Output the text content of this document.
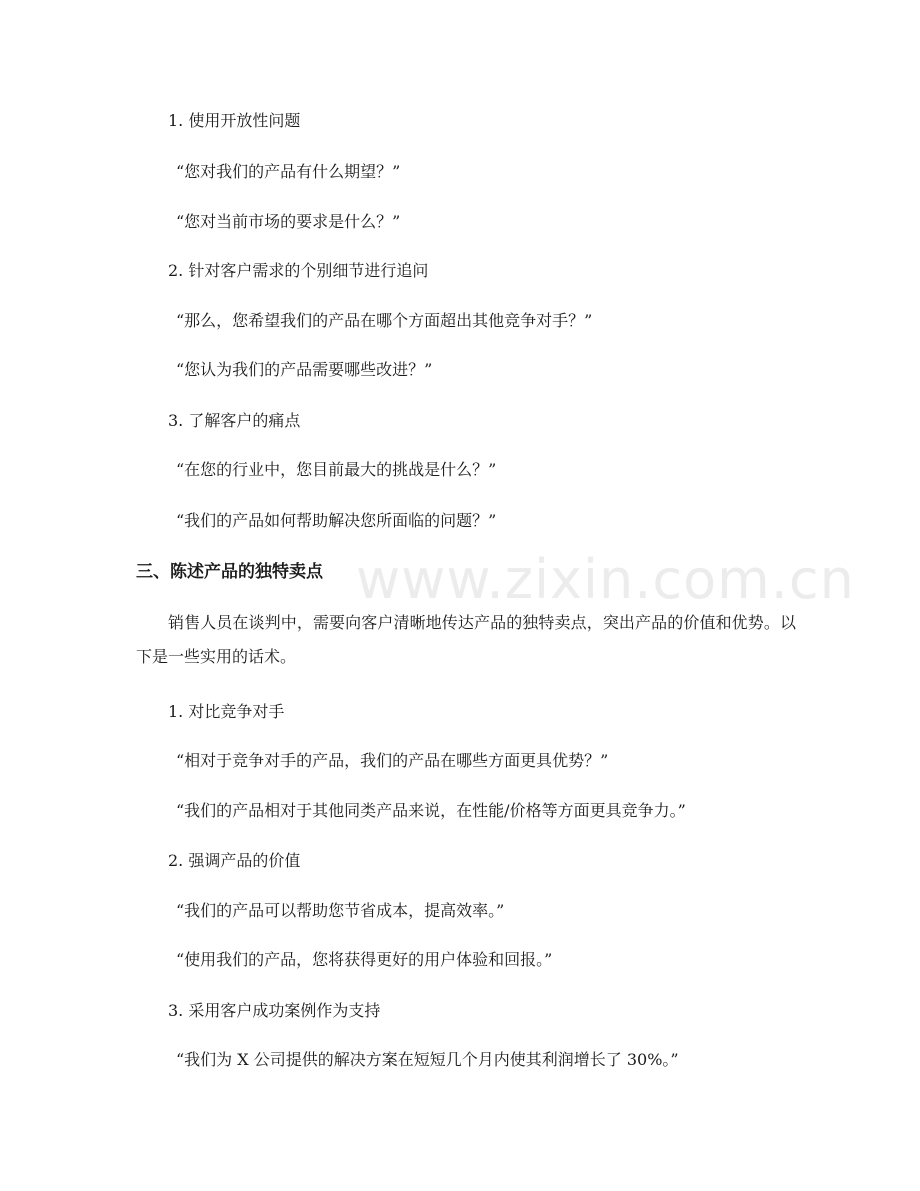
1. 使用开放性问题
“您对我们的产品有什么期望？”
“您对当前市场的要求是什么？”
2. 针对客户需求的个别细节进行追问
“那么，您希望我们的产品在哪个方面超出其他竞争对手？”
“您认为我们的产品需要哪些改进？”
3. 了解客户的痛点
“在您的行业中，您目前最大的挑战是什么？”
“我们的产品如何帮助解决您所面临的问题？”
三、陈述产品的独特卖点
销售人员在谈判中，需要向客户清晰地传达产品的独特卖点，突出产品的价值和优势。以下是一些实用的话术。
1. 对比竞争对手
“相对于竞争对手的产品，我们的产品在哪些方面更具优势？”
“我们的产品相对于其他同类产品来说，在性能/价格等方面更具竞争力。”
2. 强调产品的价值
“我们的产品可以帮助您节省成本，提高效率。”
“使用我们的产品，您将获得更好的用户体验和回报。”
3. 采用客户成功案例作为支持
“我们为 X 公司提供的解决方案在短短几个月内使其利润增长了 30%。”
www.zixin.com.cn
